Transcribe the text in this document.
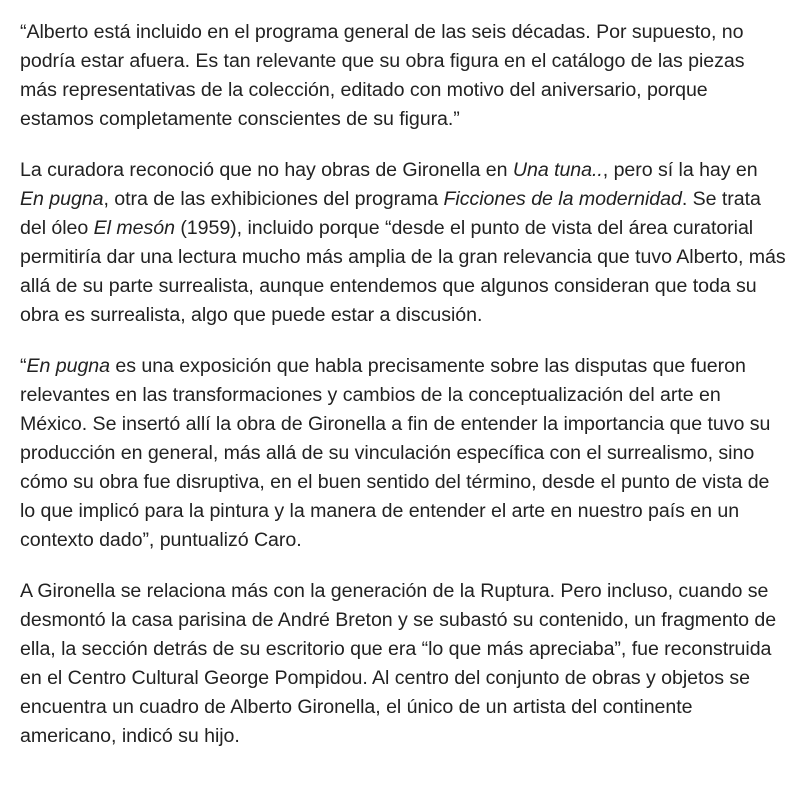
“Alberto está incluido en el programa general de las seis décadas. Por supuesto, no podría estar afuera. Es tan relevante que su obra figura en el catálogo de las piezas más representativas de la colección, editado con motivo del aniversario, porque estamos completamente conscientes de su figura.”

La curadora reconoció que no hay obras de Gironella en Una tuna.., pero sí la hay en En pugna, otra de las exhibiciones del programa Ficciones de la modernidad. Se trata del óleo El mesón (1959), incluido porque “desde el punto de vista del área curatorial permitiría dar una lectura mucho más amplia de la gran relevancia que tuvo Alberto, más allá de su parte surrealista, aunque entendemos que algunos consideran que toda su obra es surrealista, algo que puede estar a discusión.

“En pugna es una exposición que habla precisamente sobre las disputas que fueron relevantes en las transformaciones y cambios de la conceptualización del arte en México. Se insertó allí la obra de Gironella a fin de entender la importancia que tuvo su producción en general, más allá de su vinculación específica con el surrealismo, sino cómo su obra fue disruptiva, en el buen sentido del término, desde el punto de vista de lo que implicó para la pintura y la manera de entender el arte en nuestro país en un contexto dado”, puntualizó Caro.

A Gironella se relaciona más con la generación de la Ruptura. Pero incluso, cuando se desmontó la casa parisina de André Breton y se subastó su contenido, un fragmento de ella, la sección detrás de su escritorio que era “lo que más apreciaba”, fue reconstruida en el Centro Cultural George Pompidou. Al centro del conjunto de obras y objetos se encuentra un cuadro de Alberto Gironella, el único de un artista del continente americano, indicó su hijo.
